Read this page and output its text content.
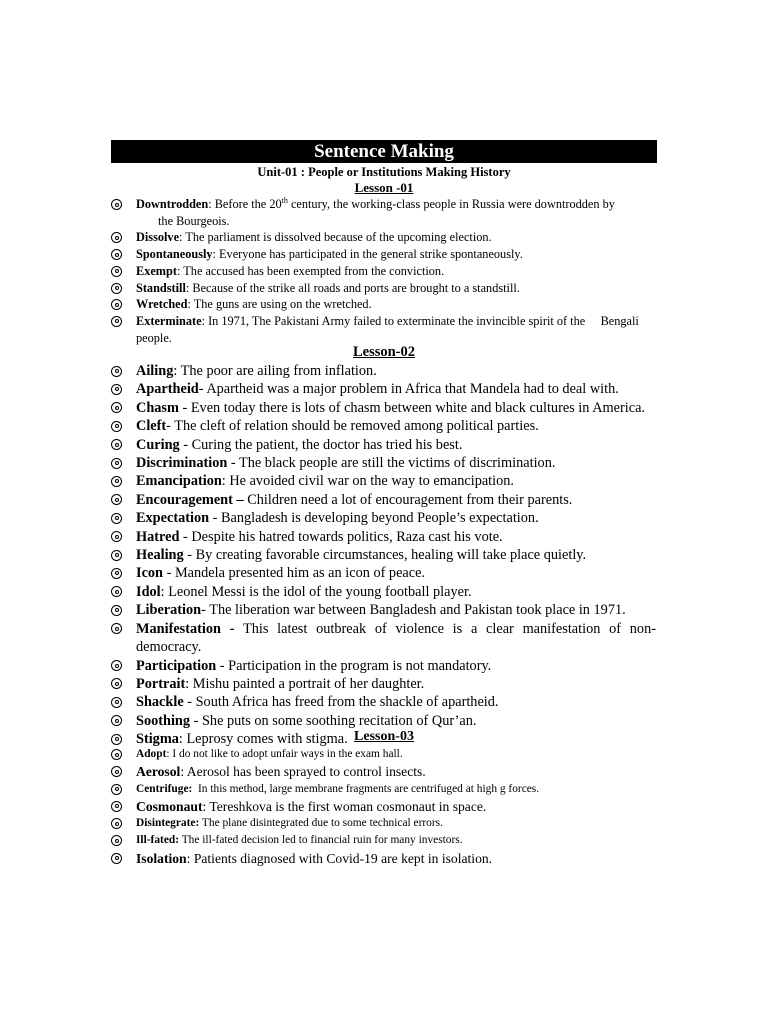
Sentence Making
Unit-01 : People or Institutions Making History
Lesson -01
Downtrodden: Before the 20th century, the working-class people in Russia were downtrodden by
the Bourgeois.
Dissolve: The parliament is dissolved because of the upcoming election.
Spontaneously: Everyone has participated in the general strike spontaneously.
Exempt: The accused has been exempted from the conviction.
Standstill: Because of the strike all roads and ports are brought to a standstill.
Wretched: The guns are using on the wretched.
Exterminate: In 1971, The Pakistani Army failed to exterminate the invincible spirit of the     Bengali people.
Lesson-02
Ailing: The poor are ailing from inflation.
Apartheid- Apartheid was a major problem in Africa that Mandela had to deal with.
Chasm - Even today there is lots of chasm between white and black cultures in America.
Cleft- The cleft of relation should be removed among political parties.
Curing - Curing the patient, the doctor has tried his best.
Discrimination - The black people are still the victims of discrimination.
Emancipation: He avoided civil war on the way to emancipation.
Encouragement – Children need a lot of encouragement from their parents.
Expectation - Bangladesh is developing beyond People’s expectation.
Hatred - Despite his hatred towards politics, Raza cast his vote.
Healing - By creating favorable circumstances, healing will take place quietly.
Icon - Mandela presented him as an icon of peace.
Idol: Leonel Messi is the idol of the young football player.
Liberation- The liberation war between Bangladesh and Pakistan took place in 1971.
Manifestation - This latest outbreak of violence is a clear manifestation of non-democracy.
Participation - Participation in the program is not mandatory.
Portrait: Mishu painted a portrait of her daughter.
Shackle - South Africa has freed from the shackle of apartheid.
Soothing - She puts on some soothing recitation of Qur’an.
Stigma: Leprosy comes with stigma. Lesson-03
Adopt: I do not like to adopt unfair ways in the exam hall.
Aerosol: Aerosol has been sprayed to control insects.
Centrifuge: In this method, large membrane fragments are centrifuged at high g forces.
Cosmonaut: Tereshkova is the first woman cosmonaut in space.
Disintegrate: The plane disintegrated due to some technical errors.
Ill-fated: The ill-fated decision led to financial ruin for many investors.
Isolation: Patients diagnosed with Covid-19 are kept in isolation.
